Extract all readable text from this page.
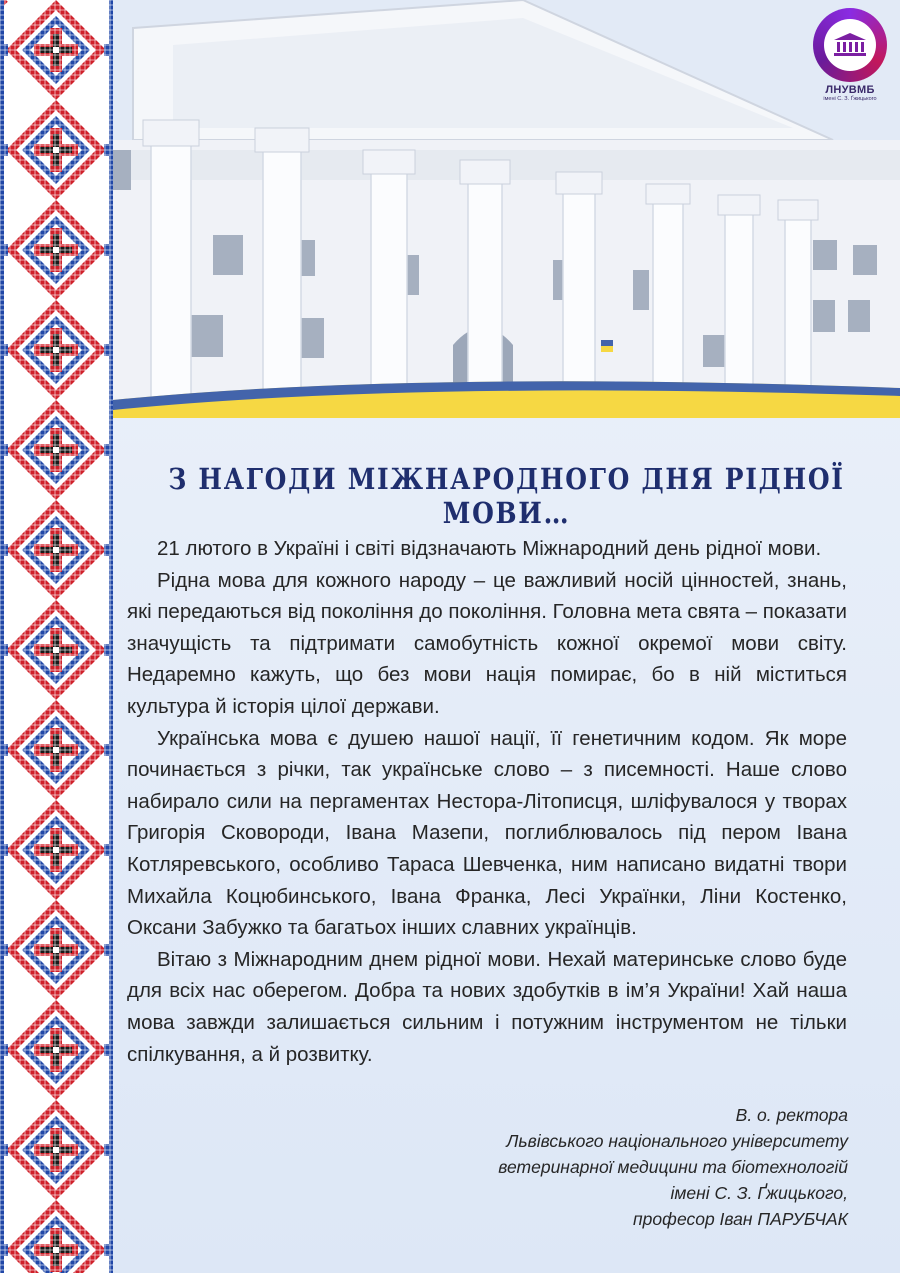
ЛНУВМБ
імені С. З. Ґжицького
З НАГОДИ МІЖНАРОДНОГО ДНЯ РІДНОЇ МОВИ…

21 лютого в Україні і світі відзначають Міжнародний день рідної мови.

Рідна мова для кожного народу – це важливий носій цінностей, знань, які передаються від покоління до покоління. Головна мета свята – показати значущість та підтримати самобутність кожної окремої мови світу. Недаремно кажуть, що без мови нація помирає, бо в ній міститься культура й історія цілої держави.

Українська мова є душею нашої нації, її генетичним кодом. Як море починається з річки, так українське слово – з писемності. Наше слово набирало сили на пергаментах Нестора-Літописця, шліфувалося у творах Григорія Сковороди, Івана Мазепи, поглиблювалось під пером Івана Котляревського, особливо Тараса Шевченка, ним написано видатні твори Михайла Коцюбинського, Івана Франка, Лесі Українки, Ліни Костенко, Оксани Забужко та багатьох інших славних українців.

Вітаю з Міжнародним днем рідної мови. Нехай материнське слово буде для всіх нас оберегом. Добра та нових здобутків в ім’я України! Хай наша мова завжди залишається сильним і потужним інструментом не тільки спілкування, а й розвитку.

В. о. ректора
Львівського національного університету
ветеринарної медицини та біотехнологій
імені С. З. Ґжицького,
професор Іван ПАРУБЧАК
